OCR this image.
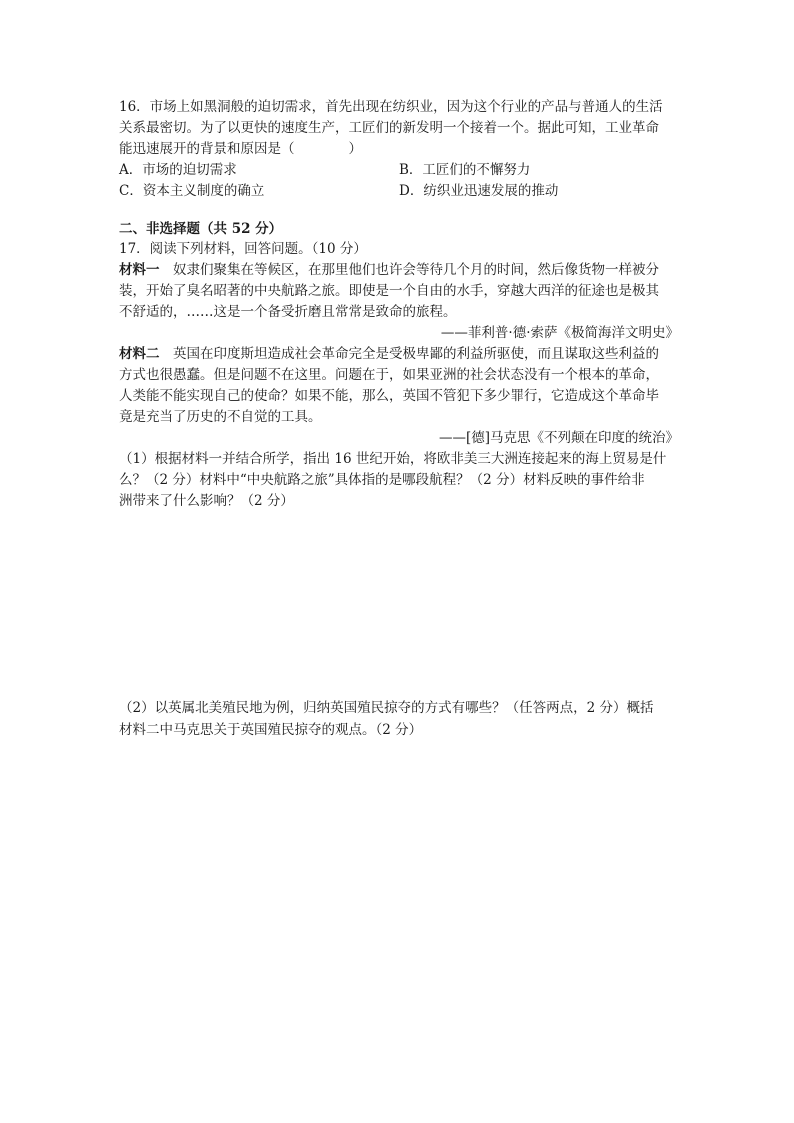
16．市场上如黑洞般的迫切需求，首先出现在纺织业，因为这个行业的产品与普通人的生活
关系最密切。为了以更快的速度生产，工匠们的新发明一个接着一个。据此可知，工业革命
能迅速展开的背景和原因是（　　　　）
A．市场的迫切需求	B．工匠们的不懈努力
C．资本主义制度的确立	D．纺织业迅速发展的推动
二、非选择题（共 52 分）
17．阅读下列材料，回答问题。（10 分）
材料一　奴隶们聚集在等候区，在那里他们也许会等待几个月的时间，然后像货物一样被分
装，开始了臭名昭著的中央航路之旅。即使是一个自由的水手，穿越大西洋的征途也是极其
不舒适的，……这是一个备受折磨且常常是致命的旅程。
——菲利普·德·索萨《极简海洋文明史》
材料二　英国在印度斯坦造成社会革命完全是受极卑鄙的利益所驱使，而且谋取这些利益的
方式也很愚蠢。但是问题不在这里。问题在于，如果亚洲的社会状态没有一个根本的革命，
人类能不能实现自己的使命？如果不能，那么，英国不管犯下多少罪行，它造成这个革命毕
竟是充当了历史的不自觉的工具。
——[德]马克思《不列颠在印度的统治》
（1）根据材料一并结合所学，指出 16 世纪开始，将欧非美三大洲连接起来的海上贸易是什
么？（2 分）材料中“中央航路之旅”具体指的是哪段航程？（2 分）材料反映的事件给非
洲带来了什么影响？（2 分）
（2）以英属北美殖民地为例，归纳英国殖民掠夺的方式有哪些？（任答两点，2 分）概括
材料二中马克思关于英国殖民掠夺的观点。（2 分）
